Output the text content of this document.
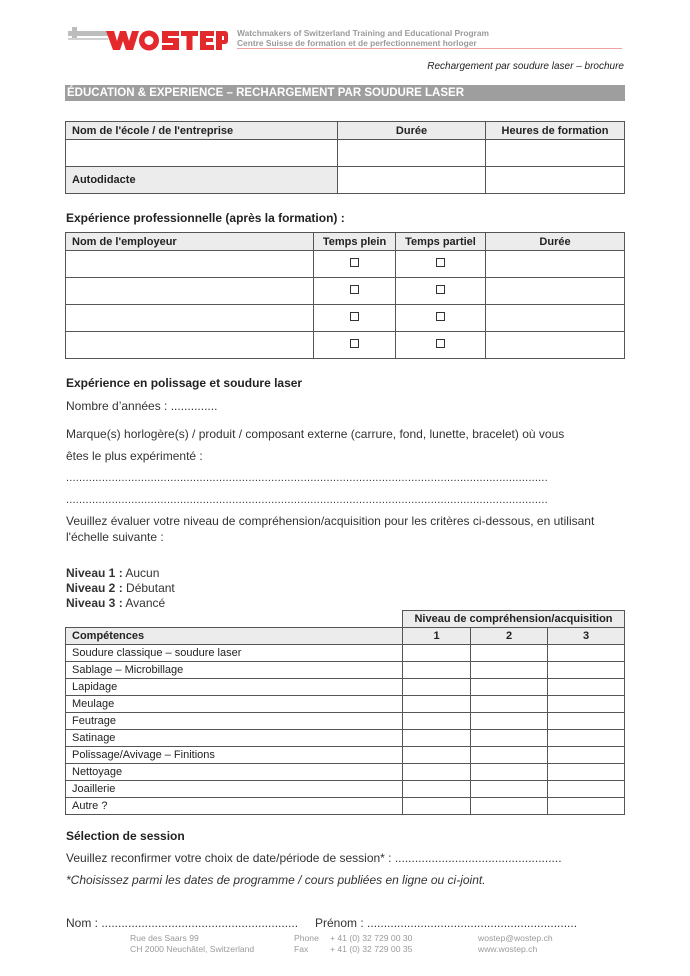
Watchmakers of Switzerland Training and Educational Program
Centre Suisse de formation et de perfectionnement horloger
Rechargement par soudure laser – brochure
ÉDUCATION & EXPERIENCE – RECHARGEMENT PAR SOUDURE LASER
Nom de l'école / de l'entreprise	Durée	Heures de formation

Autodidacte		
Expérience professionnelle (après la formation) :
Nom de l'employeur	Temps plein	Temps partiel	Durée

Expérience en polissage et soudure laser
Nombre d’années : ..............
Marque(s) horlogère(s) / produit / composant externe (carrure, fond, lunette, bracelet) où vous
êtes le plus expérimenté :
....................................................................................................................................................
....................................................................................................................................................
Veuillez évaluer votre niveau de compréhension/acquisition pour les critères ci-dessous, en utilisant
l'échelle suivante :
Niveau 1 : Aucun
Niveau 2 : Débutant
Niveau 3 : Avancé
	Niveau de compréhension/acquisition		
Compétences	1	2	3
Soudure classique – soudure laser			
Sablage – Microbillage			
Lapidage			
Meulage			
Feutrage			
Satinage			
Polissage/Avivage – Finitions			
Nettoyage			
Joaillerie			
Autre ?			
Sélection de session
Veuillez reconfirmer votre choix de date/période de session* : ..................................................
*Choisissez parmi les dates de programme / cours publiées en ligne ou ci-joint.
Nom : ........................................................... Prénom : ...............................................................
Rue des Saars 99
CH 2000 Neuchâtel, Switzerland
Phone + 41 (0) 32 729 00 30
Fax	+ 41 (0) 32 729 00 35
wostep@wostep.ch
www.wostep.ch
